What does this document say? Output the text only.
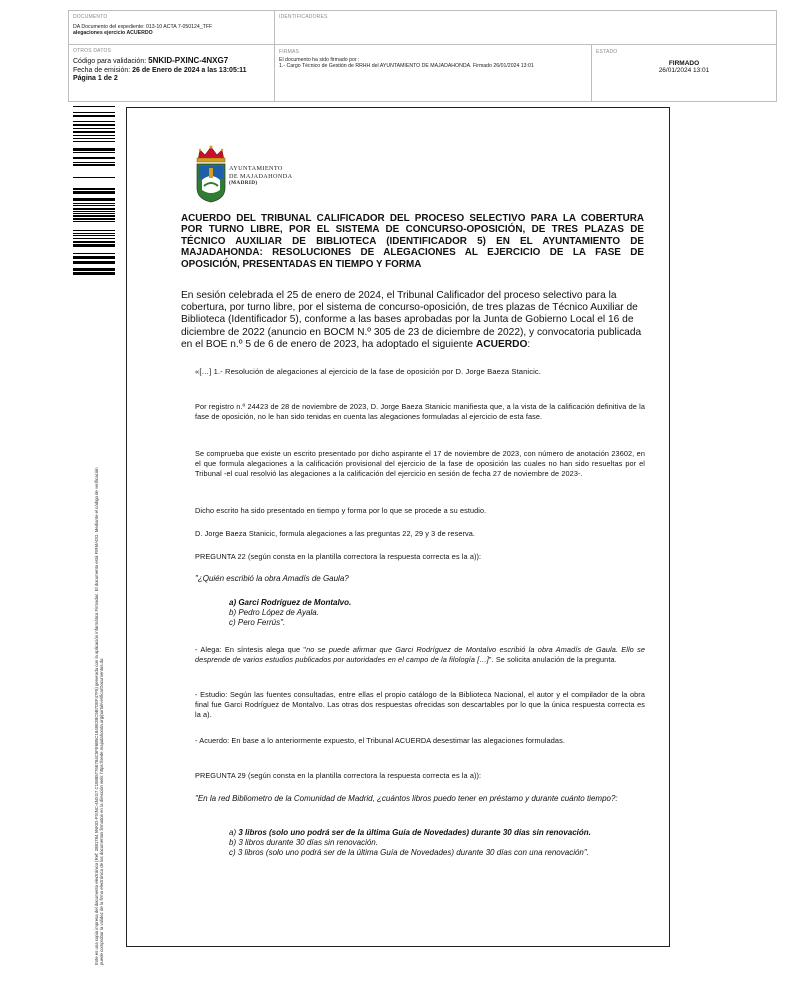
DOCUMENTO
DA Documento del expediente: 013-10 ACTA 7-050124_TFF
alegaciones ejercicio ACUERDO
IDENTIFICADORES
OTROS DATOS
Código para validación: 5NKID-PXINC-4NXG7
Fecha de emisión: 26 de Enero de 2024 a las 13:05:11
Página 1 de 2
FIRMAS
El documento ha sido firmado por :
1.- Cargo Técnico de Gestión de RRHH del AYUNTAMIENTO DE MAJADAHONDA. Firmado 26/01/2024 13:01
ESTADO
FIRMADO
26/01/2024 13:01
Este es una copia impresa del documento electrónico (Ref: 2881784 5NKID-PXINC-4NXG7 C19885776E784C5FE6B5C1849E2BC5B7DEF47F5) generada con la aplicación informática Firmadoc. El documento está FIRMADO. Mediante el código de verificación puede comprobar la validez de la firma electrónica de los documentos firmados en la dirección web: https://sede.majadahonda.org/portal/verificarDocumentos.do
AYUNTAMIENTO
DE MAJADAHONDA
(MADRID)
ACUERDO DEL TRIBUNAL CALIFICADOR DEL PROCESO SELECTIVO PARA LA COBERTURA POR TURNO LIBRE, POR EL SISTEMA DE CONCURSO-OPOSICIÓN, DE TRES PLAZAS DE TÉCNICO AUXILIAR DE BIBLIOTECA (IDENTIFICADOR 5) EN EL AYUNTAMIENTO DE MAJADAHONDA: RESOLUCIONES DE ALEGACIONES AL EJERCICIO DE LA FASE DE OPOSICIÓN, PRESENTADAS EN TIEMPO Y FORMA
En sesión celebrada el 25 de enero de 2024, el Tribunal Calificador del proceso selectivo para la cobertura, por turno libre, por el sistema de concurso-oposición, de tres plazas de Técnico Auxiliar de Biblioteca (Identificador 5), conforme a las bases aprobadas por la Junta de Gobierno Local el 16 de diciembre de 2022 (anuncio en BOCM N.º 305 de 23 de diciembre de 2022), y convocatoria publicada en el BOE n.º 5 de 6 de enero de 2023, ha adoptado el siguiente ACUERDO:
«[…] 1.- Resolución de alegaciones al ejercicio de la fase de oposición por D. Jorge Baeza Stanicic.
Por registro n.º 24423 de 28 de noviembre de 2023, D. Jorge Baeza Stanicic manifiesta que, a la vista de la calificación definitiva de la fase de oposición, no le han sido tenidas en cuenta las alegaciones formuladas al ejercicio de esta fase.
Se comprueba que existe un escrito presentado por dicho aspirante el 17 de noviembre de 2023, con número de anotación 23602, en el que formula alegaciones a la calificación provisional del ejercicio de la fase de oposición las cuales no han sido resueltas por el Tribunal -el cual resolvió las alegaciones a la calificación del ejercicio en sesión de fecha 27 de noviembre de 2023-.
Dicho escrito ha sido presentado en tiempo y forma por lo que se procede a su estudio.
D. Jorge Baeza Stanicic, formula alegaciones a las preguntas 22, 29 y 3 de reserva.
PREGUNTA 22 (según consta en la plantilla correctora la respuesta correcta es la a)):
"¿Quién escribió la obra Amadís de Gaula?
a) Garci Rodríguez de Montalvo.
b) Pedro López de Ayala.
c) Pero Ferrús".
- Alega: En síntesis alega que "no se puede afirmar que Garci Rodríguez de Montalvo escribió la obra Amadís de Gaula. Ello se desprende de varios estudios publicados por autoridades en el campo de la filología […]". Se solicita anulación de la pregunta.
- Estudio: Según las fuentes consultadas, entre ellas el propio catálogo de la Biblioteca Nacional, el autor y el compilador de la obra final fue Garci Rodríguez de Montalvo. Las otras dos respuestas ofrecidas son descartables por lo que la única respuesta correcta es la a).
- Acuerdo: En base a lo anteriormente expuesto, el Tribunal ACUERDA desestimar las alegaciones formuladas.
PREGUNTA 29 (según consta en la plantilla correctora la respuesta correcta es la a)):
"En la red Bibliometro de la Comunidad de Madrid, ¿cuántos libros puedo tener en préstamo y durante cuánto tiempo?:
a) 3 libros (solo uno podrá ser de la última Guía de Novedades) durante 30 días sin renovación.
b) 3 libros durante 30 días sin renovación.
c) 3 libros (solo uno podrá ser de la última Guía de Novedades) durante 30 días con una renovación".
